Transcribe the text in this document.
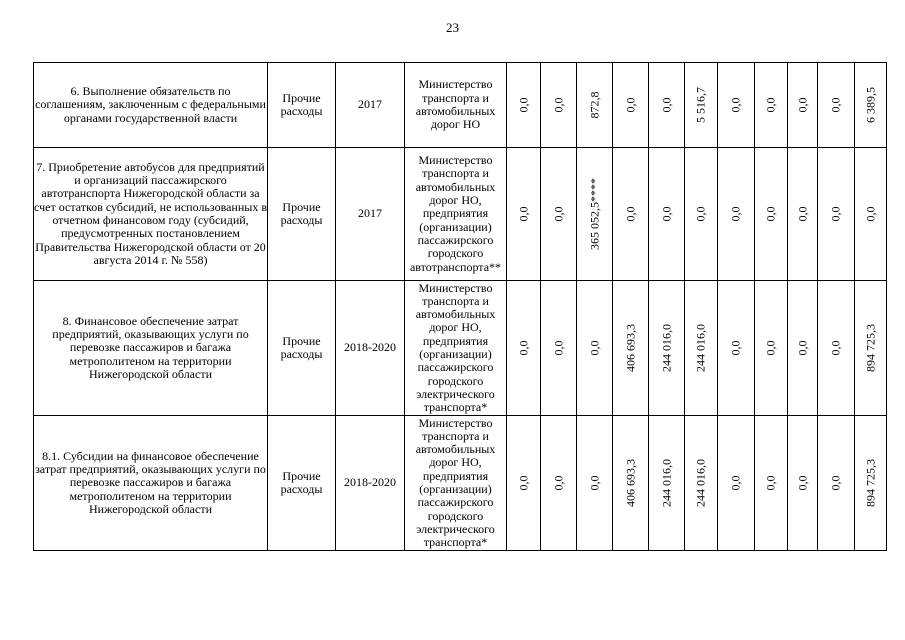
23
6. Выполнение обязательств по соглашениям, заключенным с федеральными органами государственной власти	Прочие расходы	2017	Министерство транспорта и автомобильных дорог НО	0,0	0,0	872,8	0,0	0,0	5 516,7	0,0	0,0	0,0	0,0	6 389,5

7. Приобретение автобусов для предприятий и организаций пассажирского автотранспорта Нижегородской области за счет остатков субсидий, не использованных в отчетном финансовом году (субсидий, предусмотренных постановлением Правительства Нижегородской области от 20 августа 2014 г. № 558)	Прочие расходы	2017	Министерство транспорта и автомобильных дорог НО, предприятия (организации) пассажирского городского автотранспорта**	0,0	0,0	365 052,5****	0,0	0,0	0,0	0,0	0,0	0,0	0,0	0,0

8. Финансовое обеспечение затрат предприятий, оказывающих услуги по перевозке пассажиров и багажа метрополитеном на территории Нижегородской области	Прочие расходы	2018-2020	Министерство транспорта и автомобильных дорог НО, предприятия (организации) пассажирского городского электрического транспорта*	0,0	0,0	0,0	406 693,3	244 016,0	244 016,0	0,0	0,0	0,0	0,0	894 725,3

8.1. Субсидии на финансовое обеспечение затрат предприятий, оказывающих услуги по перевозке пассажиров и багажа метрополитеном на территории Нижегородской области	Прочие расходы	2018-2020	Министерство транспорта и автомобильных дорог НО, предприятия (организации) пассажирского городского электрического транспорта*	0,0	0,0	0,0	406 693,3	244 016,0	244 016,0	0,0	0,0	0,0	0,0	894 725,3
